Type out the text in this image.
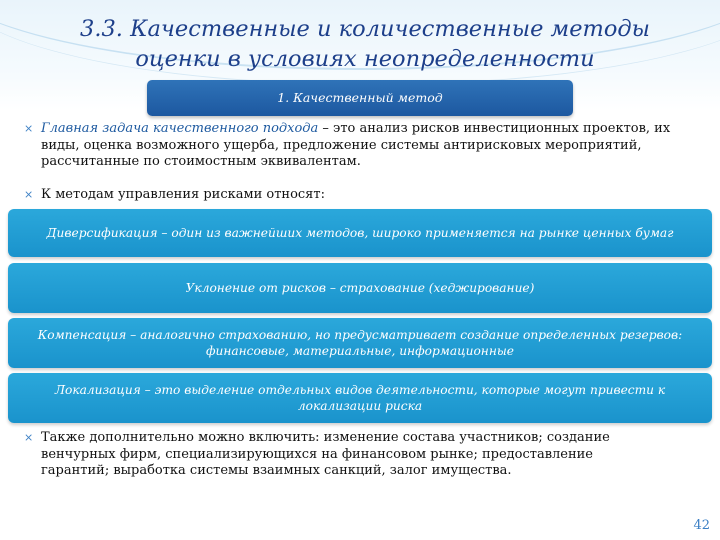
3.3. Качественные и количественные методы оценки в условиях неопределенности
1. Качественный метод
× Главная задача качественного подхода – это анализ рисков инвестиционных проектов, их виды, оценка возможного ущерба, предложение системы антирисковых мероприятий, рассчитанные по стоимостным эквивалентам.
× К методам управления рисками относят:
Диверсификация – один из важнейших методов, широко применяется на рынке ценных бумаг
Уклонение от рисков – страхование (хеджирование)
Компенсация – аналогично страхованию, но предусматривает создание определенных резервов: финансовые, материальные, информационные
Локализация – это выделение отдельных видов деятельности, которые могут привести к локализации риска
× Также дополнительно можно включить: изменение состава участников; создание венчурных фирм, специализирующихся на финансовом рынке; предоставление гарантий; выработка системы взаимных санкций, залог имущества.
42
